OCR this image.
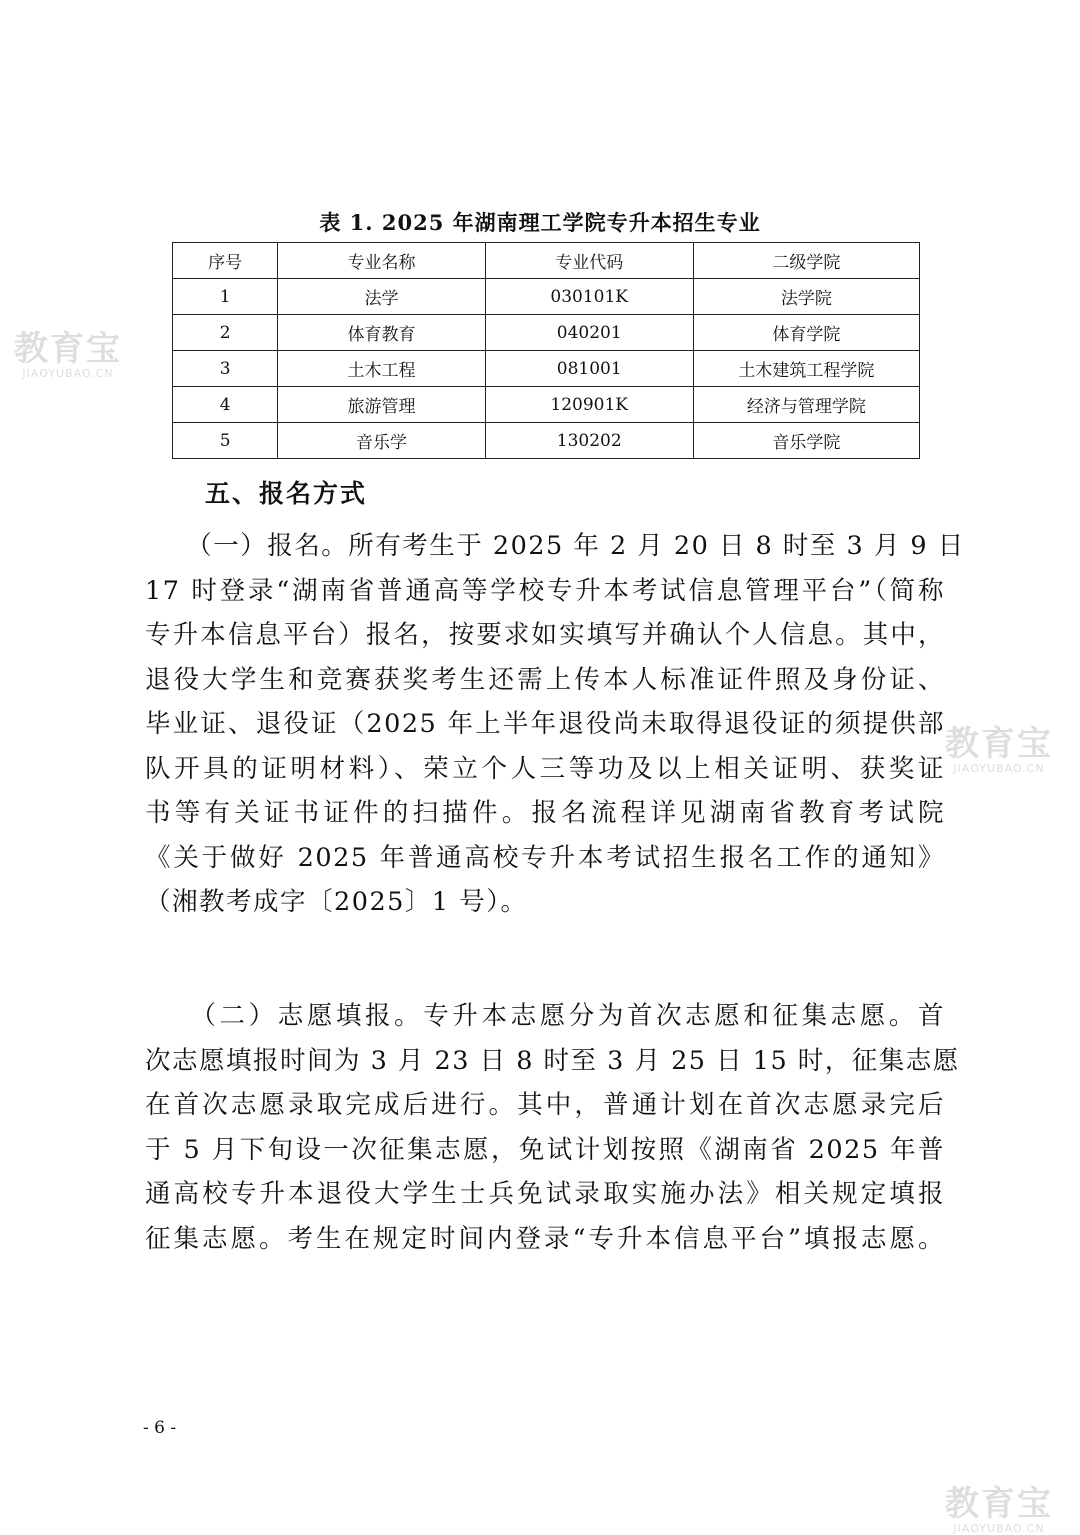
表 1. 2025 年湖南理工学院专升本招生专业
序号	专业名称	专业代码	二级学院
1	法学	030101K	法学院
2	体育教育	040201	体育学院
3	土木工程	081001	土木建筑工程学院
4	旅游管理	120901K	经济与管理学院
5	音乐学	130202	音乐学院
五、报名方式
　　（一）报名。所有考生于 2025 年 2 月 20 日 8 时至 3 月 9 日
17 时登录“湖南省普通高等学校专升本考试信息管理平台”（简称
专升本信息平台）报名，按要求如实填写并确认个人信息。其中，
退役大学生和竞赛获奖考生还需上传本人标准证件照及身份证、
毕业证、退役证（2025 年上半年退役尚未取得退役证的须提供部
队开具的证明材料）、荣立个人三等功及以上相关证明、获奖证
书等有关证书证件的扫描件。报名流程详见湖南省教育考试院
《关于做好 2025 年普通高校专升本考试招生报名工作的通知》
（湘教考成字〔2025〕1 号）。
　　（二）志愿填报。专升本志愿分为首次志愿和征集志愿。首
次志愿填报时间为 3 月 23 日 8 时至 3 月 25 日 15 时，征集志愿
在首次志愿录取完成后进行。其中，普通计划在首次志愿录完后
于 5 月下旬设一次征集志愿，免试计划按照《湖南省 2025 年普
通高校专升本退役大学生士兵免试录取实施办法》相关规定填报
征集志愿。考生在规定时间内登录“专升本信息平台”填报志愿。
- 6 -
教育宝
JIAOYUBAO.CN
教育宝
JIAOYUBAO.CN
教育宝
JIAOYUBAO.CN
